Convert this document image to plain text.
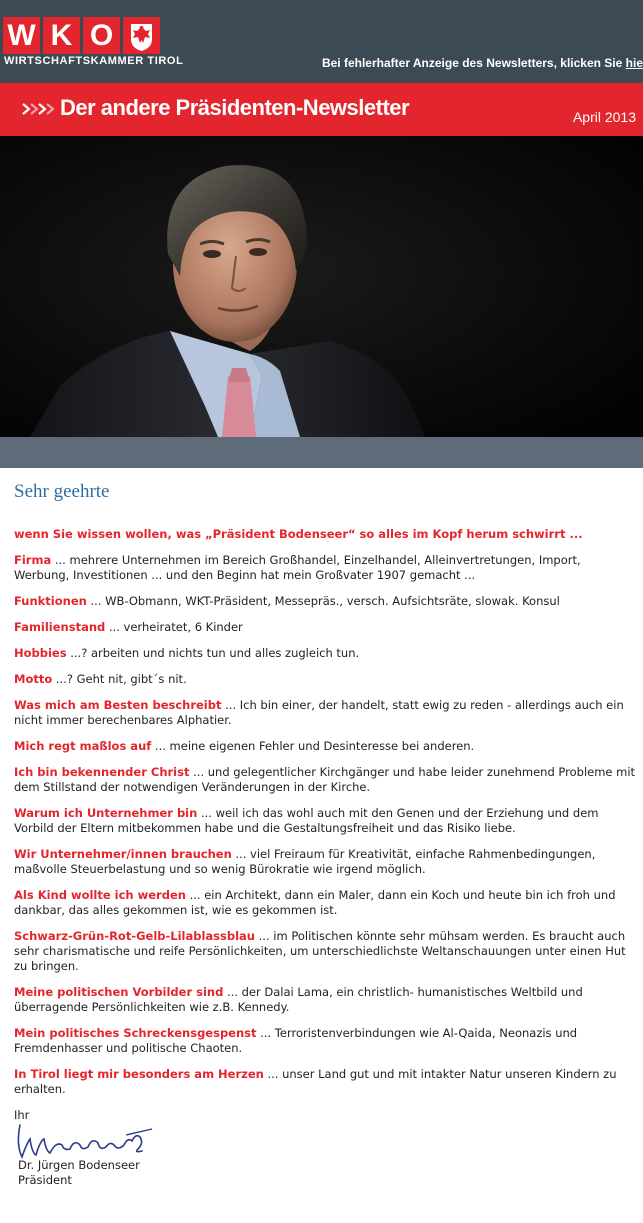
W K O
WIRTSCHAFTSKAMMER TIROL	Bei fehlerhafter Anzeige des Newsletters, klicken Sie hie
Der andere Präsidenten-Newsletter	April 2013
Sehr geehrte

wenn Sie wissen wollen, was „Präsident Bodenseer“ so alles im Kopf herum schwirrt ...

Firma ... mehrere Unternehmen im Bereich Großhandel, Einzelhandel, Alleinvertretungen, Import, Werbung, Investitionen ... und den Beginn hat mein Großvater 1907 gemacht ...

Funktionen ... WB-Obmann, WKT-Präsident, Messepräs., versch. Aufsichtsräte, slowak. Konsul

Familienstand ... verheiratet, 6 Kinder

Hobbies ...? arbeiten und nichts tun und alles zugleich tun.

Motto ...? Geht nit, gibt´s nit.

Was mich am Besten beschreibt ... Ich bin einer, der handelt, statt ewig zu reden - allerdings auch ein nicht immer berechenbares Alphatier.

Mich regt maßlos auf ... meine eigenen Fehler und Desinteresse bei anderen.

Ich bin bekennender Christ ... und gelegentlicher Kirchgänger und habe leider zunehmend Probleme mit dem Stillstand der notwendigen Veränderungen in der Kirche.

Warum ich Unternehmer bin ... weil ich das wohl auch mit den Genen und der Erziehung und dem Vorbild der Eltern mitbekommen habe und die Gestaltungsfreiheit und das Risiko liebe.

Wir Unternehmer/innen brauchen ... viel Freiraum für Kreativität, einfache Rahmenbedingungen, maßvolle Steuerbelastung und so wenig Bürokratie wie irgend möglich.

Als Kind wollte ich werden ... ein Architekt, dann ein Maler, dann ein Koch und heute bin ich froh und dankbar, das alles gekommen ist, wie es gekommen ist.

Schwarz-Grün-Rot-Gelb-Lilablassblau ... im Politischen könnte sehr mühsam werden. Es braucht auch sehr charismatische und reife Persönlichkeiten, um unterschiedlichste Weltanschauungen unter einen Hut zu bringen.

Meine politischen Vorbilder sind ... der Dalai Lama, ein christlich- humanistisches Weltbild und überragende Persönlichkeiten wie z.B. Kennedy.

Mein politisches Schreckensgespenst ... Terroristenverbindungen wie Al-Qaida, Neonazis und Fremdenhasser und politische Chaoten.

In Tirol liegt mir besonders am Herzen ... unser Land gut und mit intakter Natur unseren Kindern zu erhalten.

Ihr

Dr. Jürgen Bodenseer
Präsident
